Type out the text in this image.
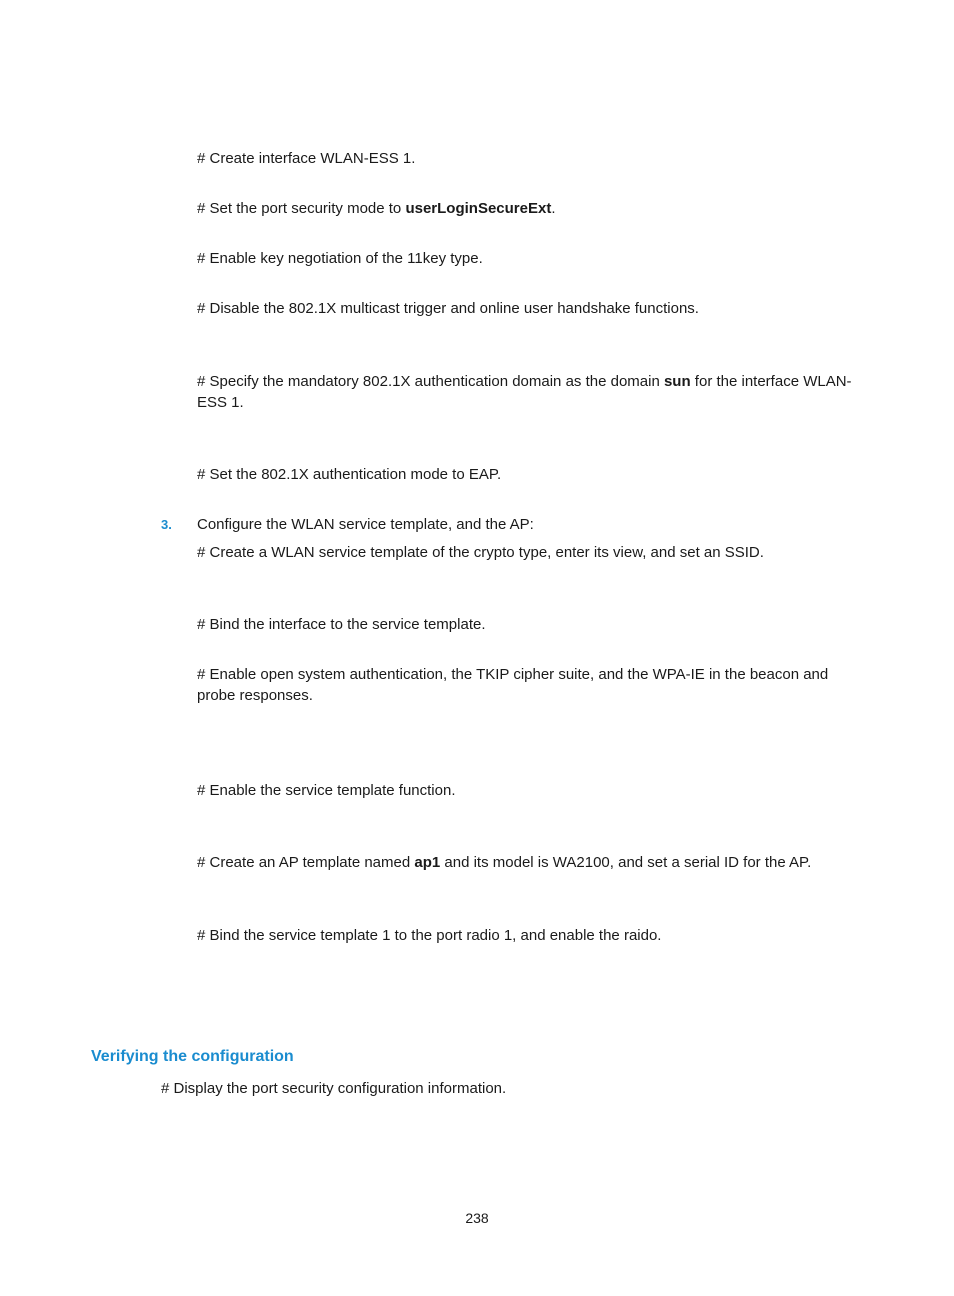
# Create interface WLAN-ESS 1.

# Set the port security mode to userLoginSecureExt.

# Enable key negotiation of the 11key type.

# Disable the 802.1X multicast trigger and online user handshake functions.

# Specify the mandatory 802.1X authentication domain as the domain sun for the interface WLAN-ESS 1.

# Set the 802.1X authentication mode to EAP.

3. Configure the WLAN service template, and the AP:

# Create a WLAN service template of the crypto type, enter its view, and set an SSID.

# Bind the interface to the service template.

# Enable open system authentication, the TKIP cipher suite, and the WPA-IE in the beacon and probe responses.

# Enable the service template function.

# Create an AP template named ap1 and its model is WA2100, and set a serial ID for the AP.

# Bind the service template 1 to the port radio 1, and enable the raido.

Verifying the configuration

# Display the port security configuration information.

238
